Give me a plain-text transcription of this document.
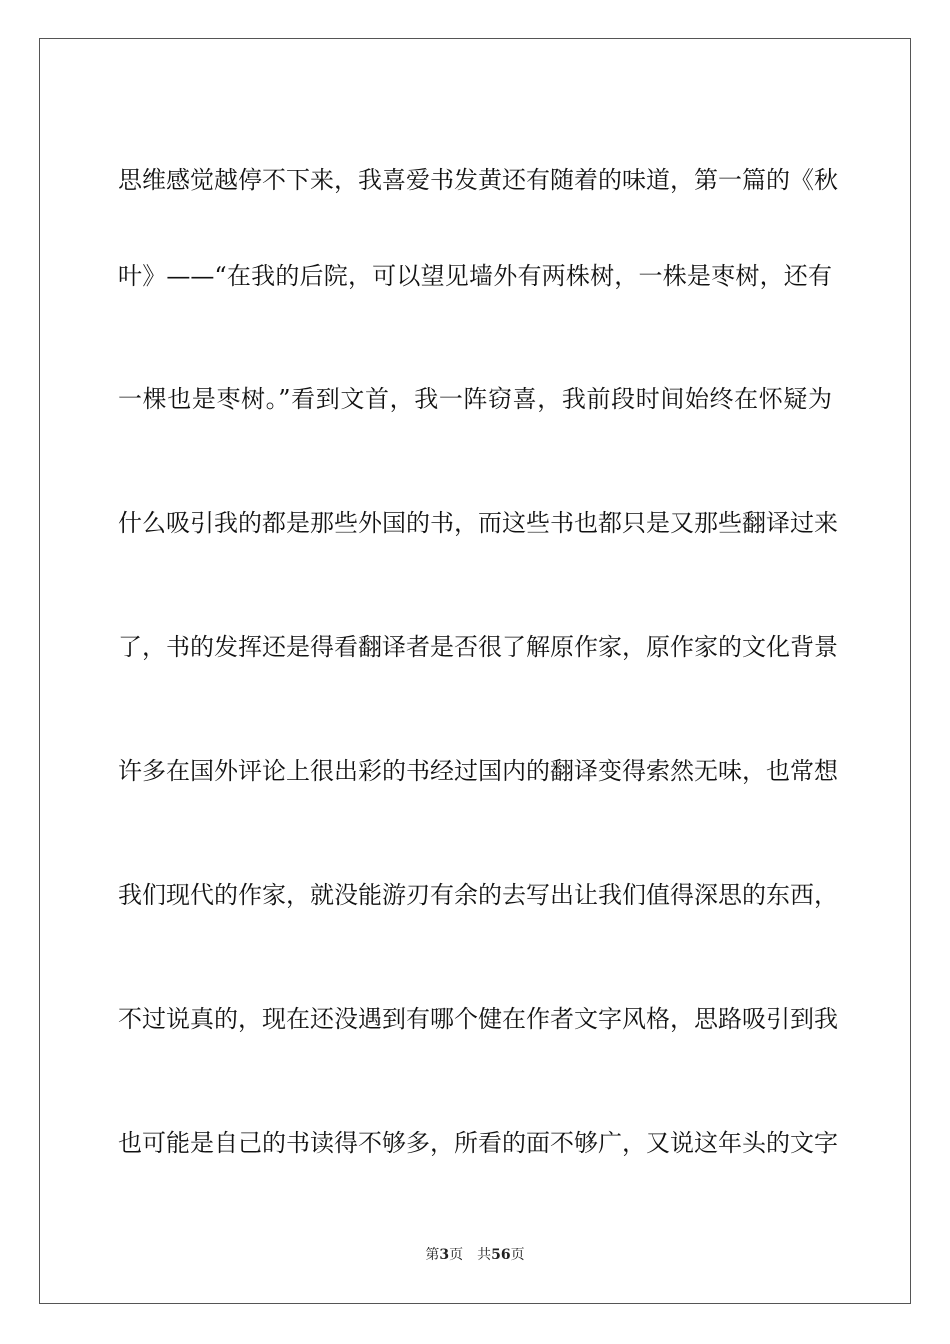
思维感觉越停不下来，我喜爱书发黄还有随着的味道，第一篇的《秋
叶》——“在我的后院，可以望见墙外有两株树，一株是枣树，还有
一棵也是枣树。”看到文首，我一阵窃喜，我前段时间始终在怀疑为
什么吸引我的都是那些外国的书，而这些书也都只是又那些翻译过来
了，书的发挥还是得看翻译者是否很了解原作家，原作家的文化背景
许多在国外评论上很出彩的书经过国内的翻译变得索然无味，也常想
我们现代的作家，就没能游刃有余的去写出让我们值得深思的东西，
不过说真的，现在还没遇到有哪个健在作者文字风格，思路吸引到我
也可能是自己的书读得不够多，所看的面不够广，又说这年头的文字
第3页 共56页
